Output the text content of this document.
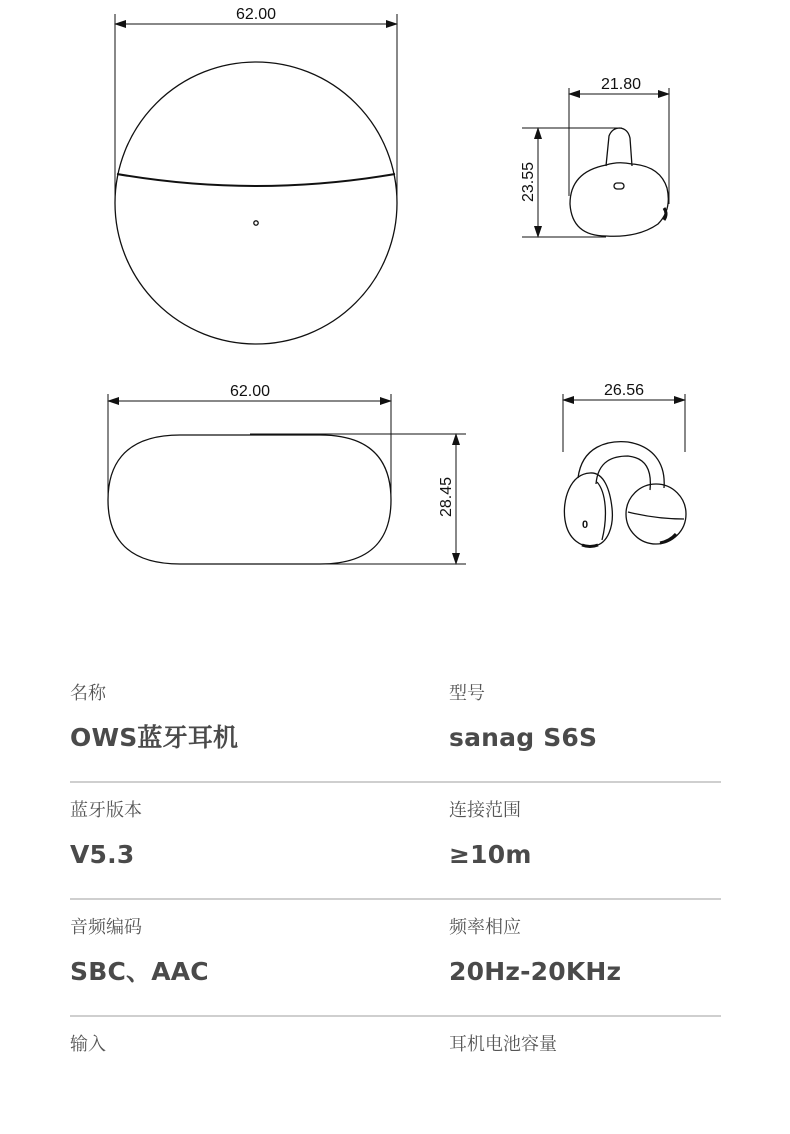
62.00
21.80
23.55
62.00
28.45
0
26.56
名称
OWS蓝牙耳机
型号
sanag S6S
蓝牙版本
V5.3
连接范围
≥10m
音频编码
SBC、AAC
频率相应
20Hz-20KHz
输入	耳机电池容量
